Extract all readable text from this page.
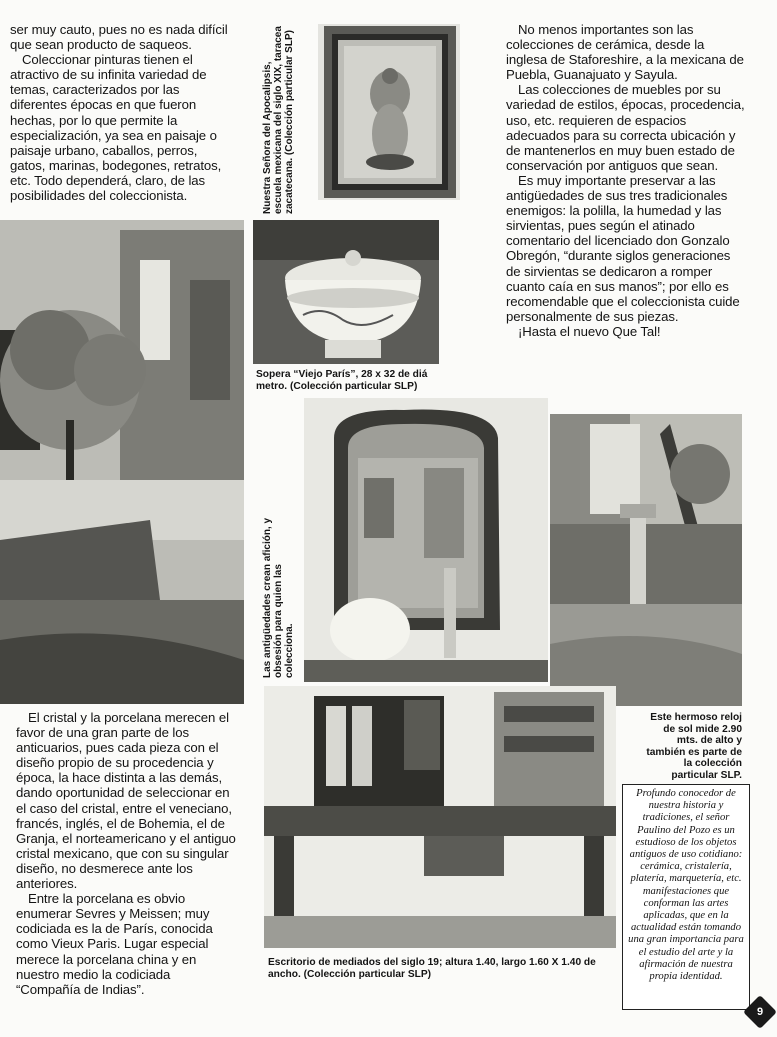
ser muy cauto, pues no es nada difícil que sean producto de saqueos.

Coleccionar pinturas tienen el atractivo de su infinita variedad de temas, caracterizados por las diferentes épocas en que fueron hechas, por lo que permite la especialización, ya sea en paisaje o paisaje urbano, caballos, perros, gatos, marinas, bodegones, retratos, etc. Todo dependerá, claro, de las posibilidades del coleccionista.	Nuestra Señora del Apocalipsis, escuela mexicana del siglo XIX, taracea zacatecana. (Colección particular SLP)
Sopera “Viejo París”, 28 x 32 de diá metro. (Colección particular SLP)

No menos importantes son las colecciones de cerámica, desde la inglesa de Staforeshire, a la mexicana de Puebla, Guanajuato y Sayula.

Las colecciones de muebles por su variedad de estilos, épocas, procedencia, uso, etc. requieren de espacios adecuados para su correcta ubicación y de mantenerlos en muy buen estado de conservación por antiguos que sean.

Es muy importante preservar a las antigüedades de sus tres tradicionales enemigos: la polilla, la humedad y las sirvientas, pues según el atinado comentario del licenciado don Gonzalo Obregón, “durante siglos generaciones de sirvientas se dedicaron a romper cuanto caía en sus manos”; por ello es recomendable que el coleccionista cuide personalmente de sus piezas.

¡Hasta el nuevo Que Tal!

Las antigüedades crean afición, y obsesión para quien las colecciona.
Este hermoso reloj de sol mide 2.90 mts. de alto y también es parte de la colección particular SLP.
Escritorio de mediados del siglo 19; altura 1.40, largo 1.60 X 1.40 de ancho. (Colección particular SLP)

El cristal y la porcelana merecen el favor de una gran parte de los anticuarios, pues cada pieza con el diseño propio de su procedencia y época, la hace distinta a las demás, dando oportunidad de seleccionar en el caso del cristal, entre el veneciano, francés, inglés, el de Bohemia, el de Granja, el norteamericano y el antiguo cristal mexicano, que con su singular diseño, no desmerece ante los anteriores.

Entre la porcelana es obvio enumerar Sevres y Meissen; muy codiciada es la de París, conocida como Vieux Paris. Lugar especial merece la porcelana china y en nuestro medio la codiciada “Compañía de Indias”.

Profundo conocedor de nuestra historia y tradiciones, el señor Paulino del Pozo es un estudioso de los objetos antiguos de uso cotidiano: cerámica, cristalería, platería, marquetería, etc. manifestaciones que conforman las artes aplicadas, que en la actualidad están tomando una gran importancia para el estudio del arte y la afirmación de nuestra propia identidad.
9
